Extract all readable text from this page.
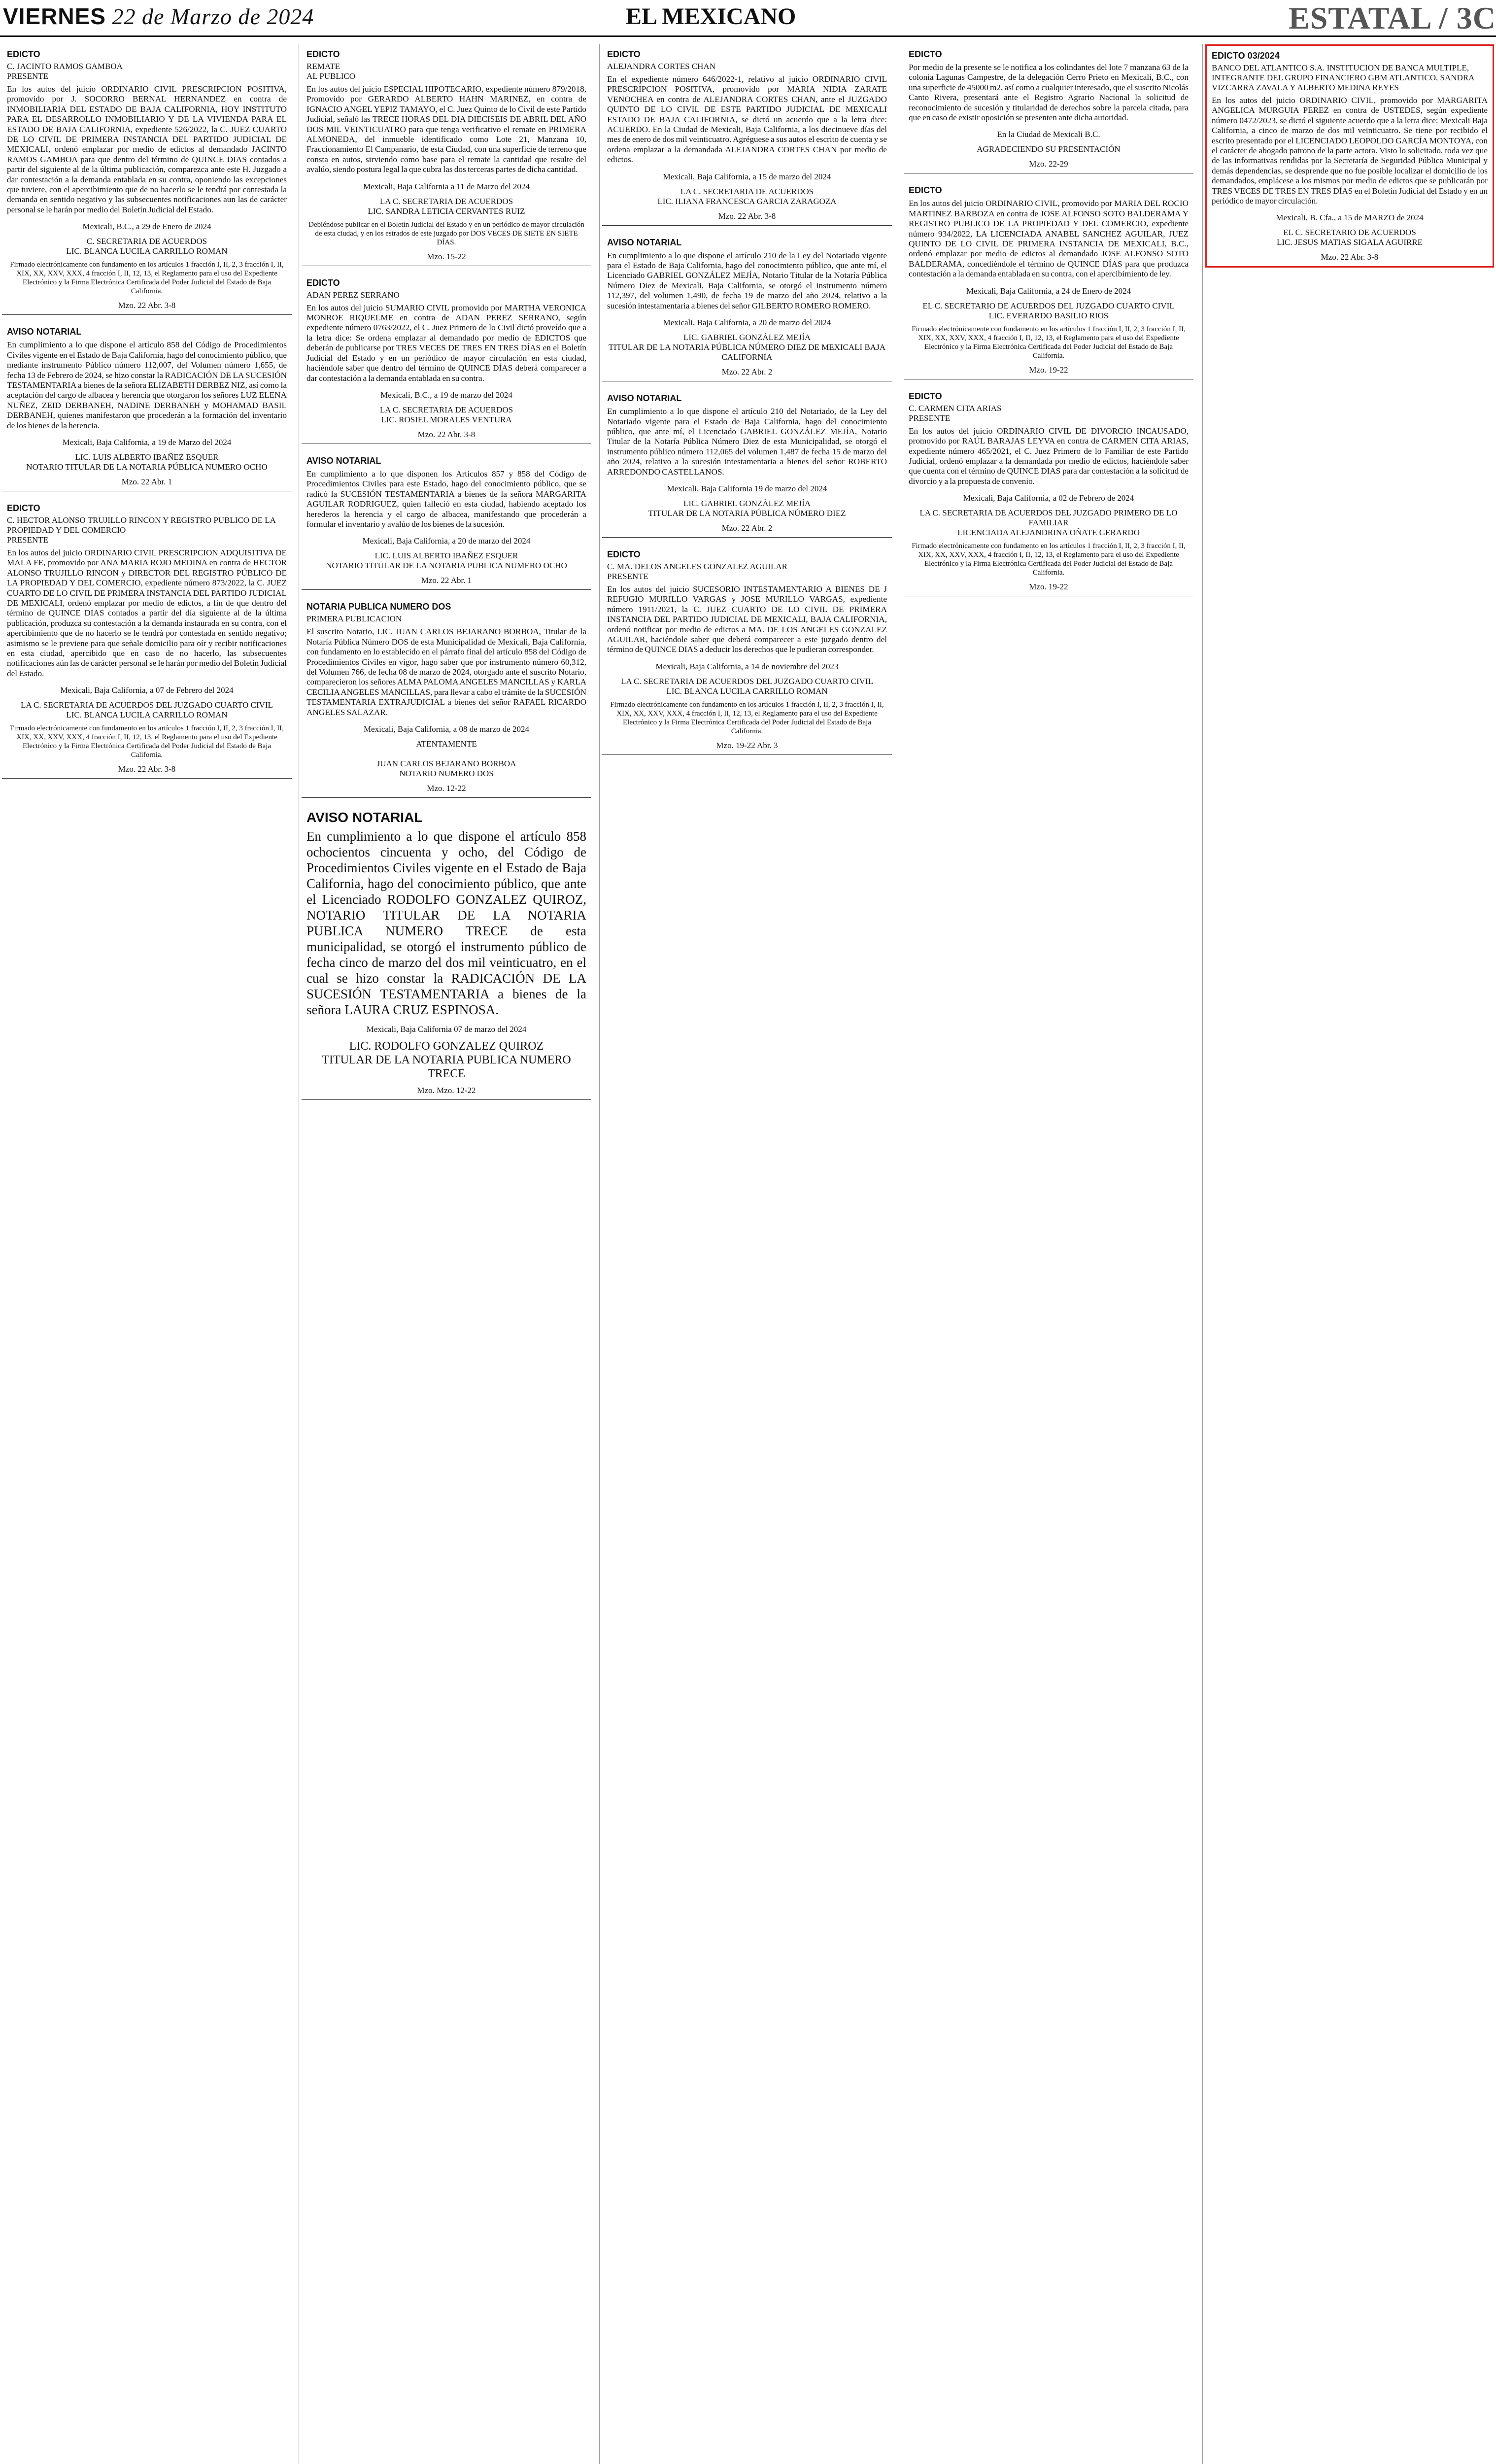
VIERNES 22 de Marzo de 2024	EL MEXICANO	ESTATAL / 3C
EDICTO
C. JACINTO RAMOS GAMBOA
PRESENTE
En los autos del juicio ORDINARIO CIVIL PRESCRIPCION POSITIVA, promovido por J. SOCORRO BERNAL HERNANDEZ en contra de INMOBILIARIA DEL ESTADO DE BAJA CALIFORNIA, HOY INSTITUTO PARA EL DESARROLLO INMOBILIARIO Y DE LA VIVIENDA PARA EL ESTADO DE BAJA CALIFORNIA, expediente 526/2022, la C. JUEZ CUARTO DE LO CIVIL DE PRIMERA INSTANCIA DEL PARTIDO JUDICIAL DE MEXICALI, ordenó emplazar por medio de edictos al demandado JACINTO RAMOS GAMBOA para que dentro del término de QUINCE DIAS contados a partir del siguiente al de la última publicación, comparezca ante este H. Juzgado a dar contestación a la demanda entablada en su contra, oponiendo las excepciones que tuviere, con el apercibimiento que de no hacerlo se le tendrá por contestada la demanda en sentido negativo y las subsecuentes notificaciones aun las de carácter personal se le harán por medio del Boletín Judicial del Estado.
Mexicali, B.C., a 29 de Enero de 2024
C. SECRETARIA DE ACUERDOS
LIC. BLANCA LUCILA CARRILLO ROMAN
Firmado electrónicamente con fundamento en los artículos 1 fracción I, II, 2, 3 fracción I, II, XIX, XX, XXV, XXX, 4 fracción I, II, 12, 13, el Reglamento para el uso del Expediente Electrónico y la Firma Electrónica Certificada del Poder Judicial del Estado de Baja California.
Mzo. 22 Abr. 3-8
AVISO NOTARIAL
En cumplimiento a lo que dispone el artículo 858 del Código de Procedimientos Civiles vigente en el Estado de Baja California, hago del conocimiento público, que mediante instrumento Público número 112,007, del Volumen número 1,655, de fecha 13 de Febrero de 2024, se hizo constar la RADICACIÓN DE LA SUCESIÓN TESTAMENTARIA a bienes de la señora ELIZABETH DERBEZ NIZ, así como la aceptación del cargo de albacea y herencia que otorgaron los señores LUZ ELENA NUÑEZ, ZEID DERBANEH, NADINE DERBANEH y MOHAMAD BASIL DERBANEH, quienes manifestaron que procederán a la formación del inventario de los bienes de la herencia.
Mexicali, Baja California, a 19 de Marzo del 2024
LIC. LUIS ALBERTO IBAÑEZ ESQUER
NOTARIO TITULAR DE LA NOTARIA PÚBLICA NUMERO OCHO
Mzo. 22 Abr. 1
EDICTO
C. HECTOR ALONSO TRUJILLO RINCON Y REGISTRO PUBLICO DE LA PROPIEDAD Y DEL COMERCIO
PRESENTE
En los autos del juicio ORDINARIO CIVIL PRESCRIPCION ADQUISITIVA DE MALA FE, promovido por ANA MARIA ROJO MEDINA en contra de HECTOR ALONSO TRUJILLO RINCON y DIRECTOR DEL REGISTRO PÚBLICO DE LA PROPIEDAD Y DEL COMERCIO, expediente número 873/2022, la C. JUEZ CUARTO DE LO CIVIL DE PRIMERA INSTANCIA DEL PARTIDO JUDICIAL DE MEXICALI, ordenó emplazar por medio de edictos, a fin de que dentro del término de QUINCE DIAS contados a partir del día siguiente al de la última publicación, produzca su contestación a la demanda instaurada en su contra, con el apercibimiento que de no hacerlo se le tendrá por contestada en sentido negativo; asimismo se le previene para que señale domicilio para oír y recibir notificaciones en esta ciudad, apercibido que en caso de no hacerlo, las subsecuentes notificaciones aún las de carácter personal se le harán por medio del Boletín Judicial del Estado.
Mexicali, Baja California, a 07 de Febrero del 2024
LA C. SECRETARIA DE ACUERDOS DEL JUZGADO CUARTO CIVIL
LIC. BLANCA LUCILA CARRILLO ROMAN
Firmado electrónicamente con fundamento en los artículos 1 fracción I, II, 2, 3 fracción I, II, XIX, XX, XXV, XXX, 4 fracción I, II, 12, 13, el Reglamento para el uso del Expediente Electrónico y la Firma Electrónica Certificada del Poder Judicial del Estado de Baja California.
Mzo. 22 Abr. 3-8
EDICTO
REMATE
AL PUBLICO
En los autos del juicio ESPECIAL HIPOTECARIO, expediente número 879/2018, Promovido por GERARDO ALBERTO HAHN MARINEZ, en contra de IGNACIO ANGEL YEPIZ TAMAYO, el C. Juez Quinto de lo Civil de este Partido Judicial, señaló las TRECE HORAS DEL DIA DIECISEIS DE ABRIL DEL AÑO DOS MIL VEINTICUATRO para que tenga verificativo el remate en PRIMERA ALMONEDA, del inmueble identificado como Lote 21, Manzana 10, Fraccionamiento El Campanario, de esta Ciudad, con una superficie de terreno que consta en autos, sirviendo como base para el remate la cantidad que resulte del avalúo, siendo postura legal la que cubra las dos terceras partes de dicha cantidad.
Mexicali, Baja California a 11 de Marzo del 2024
LA C. SECRETARIA DE ACUERDOS
LIC. SANDRA LETICIA CERVANTES RUIZ
Debiéndose publicar en el Boletín Judicial del Estado y en un periódico de mayor circulación de esta ciudad, y en los estrados de este juzgado por DOS VECES DE SIETE EN SIETE DÍAS.
Mzo. 15-22
EDICTO
ADAN PEREZ SERRANO
En los autos del juicio SUMARIO CIVIL promovido por MARTHA VERONICA MONROE RIQUELME en contra de ADAN PEREZ SERRANO, según expediente número 0763/2022, el C. Juez Primero de lo Civil dictó proveído que a la letra dice: Se ordena emplazar al demandado por medio de EDICTOS que deberán de publicarse por TRES VECES DE TRES EN TRES DÍAS en el Boletín Judicial del Estado y en un periódico de mayor circulación en esta ciudad, haciéndole saber que dentro del término de QUINCE DÍAS deberá comparecer a dar contestación a la demanda entablada en su contra.
Mexicali, B.C., a 19 de marzo del 2024
LA C. SECRETARIA DE ACUERDOS
LIC. ROSIEL MORALES VENTURA
Mzo. 22 Abr. 3-8
AVISO NOTARIAL
En cumplimiento a lo que disponen los Artículos 857 y 858 del Código de Procedimientos Civiles para este Estado, hago del conocimiento público, que se radicó la SUCESIÓN TESTAMENTARIA a bienes de la señora MARGARITA AGUILAR RODRIGUEZ, quien falleció en esta ciudad, habiendo aceptado los herederos la herencia y el cargo de albacea, manifestando que procederán a formular el inventario y avalúo de los bienes de la sucesión.
Mexicali, Baja California, a 20 de marzo del 2024
LIC. LUIS ALBERTO IBAÑEZ ESQUER
NOTARIO TITULAR DE LA NOTARIA PUBLICA NUMERO OCHO
Mzo. 22 Abr. 1
NOTARIA PUBLICA NUMERO DOS
PRIMERA PUBLICACION
El suscrito Notario, LIC. JUAN CARLOS BEJARANO BORBOA, Titular de la Notaría Pública Número DOS de esta Municipalidad de Mexicali, Baja California, con fundamento en lo establecido en el párrafo final del artículo 858 del Código de Procedimientos Civiles en vigor, hago saber que por instrumento número 60,312, del Volumen 766, de fecha 08 de marzo de 2024, otorgado ante el suscrito Notario, comparecieron los señores ALMA PALOMA ANGELES MANCILLAS y KARLA CECILIA ANGELES MANCILLAS, para llevar a cabo el trámite de la SUCESIÓN TESTAMENTARIA EXTRAJUDICIAL a bienes del señor RAFAEL RICARDO ANGELES SALAZAR.
Mexicali, Baja California, a 08 de marzo de 2024
ATENTAMENTE

JUAN CARLOS BEJARANO BORBOA
NOTARIO NUMERO DOS
Mzo. 12-22
AVISO NOTARIAL
En cumplimiento a lo que dispone el artículo 858 ochocientos cincuenta y ocho, del Código de Procedimientos Civiles vigente en el Estado de Baja California, hago del conocimiento público, que ante el Licenciado RODOLFO GONZALEZ QUIROZ, NOTARIO TITULAR DE LA NOTARIA PUBLICA NUMERO TRECE de esta municipalidad, se otorgó el instrumento público de fecha cinco de marzo del dos mil veinticuatro, en el cual se hizo constar la RADICACIÓN DE LA SUCESIÓN TESTAMENTARIA a bienes de la señora LAURA CRUZ ESPINOSA.
Mexicali, Baja California 07 de marzo del 2024
LIC. RODOLFO GONZALEZ QUIROZ
TITULAR DE LA NOTARIA PUBLICA NUMERO TRECE
Mzo. Mzo. 12-22
EDICTO
ALEJANDRA CORTES CHAN
En el expediente número 646/2022-1, relativo al juicio ORDINARIO CIVIL PRESCRIPCION POSITIVA, promovido por MARIA NIDIA ZARATE VENOCHEA en contra de ALEJANDRA CORTES CHAN, ante el JUZGADO QUINTO DE LO CIVIL DE ESTE PARTIDO JUDICIAL DE MEXICALI ESTADO DE BAJA CALIFORNIA, se dictó un acuerdo que a la letra dice: ACUERDO. En la Ciudad de Mexicali, Baja California, a los diecinueve días del mes de enero de dos mil veinticuatro. Agréguese a sus autos el escrito de cuenta y se ordena emplazar a la demandada ALEJANDRA CORTES CHAN por medio de edictos.
Mexicali, Baja California, a 15 de marzo del 2024
LA C. SECRETARIA DE ACUERDOS
LIC. ILIANA FRANCESCA GARCIA ZARAGOZA
Mzo. 22 Abr. 3-8
AVISO NOTARIAL
En cumplimiento a lo que dispone el artículo 210 de la Ley del Notariado vigente para el Estado de Baja California, hago del conocimiento público, que ante mí, el Licenciado GABRIEL GONZÁLEZ MEJÍA, Notario Titular de la Notaría Pública Número Diez de Mexicali, Baja California, se otorgó el instrumento número 112,397, del volumen 1,490, de fecha 19 de marzo del año 2024, relativo a la sucesión intestamentaria a bienes del señor GILBERTO ROMERO ROMERO.
Mexicali, Baja California, a 20 de marzo del 2024
LIC. GABRIEL GONZÁLEZ MEJÍA
TITULAR DE LA NOTARIA PÚBLICA NÚMERO DIEZ DE MEXICALI BAJA CALIFORNIA
Mzo. 22 Abr. 2
AVISO NOTARIAL
En cumplimiento a lo que dispone el artículo 210 del Notariado, de la Ley del Notariado vigente para el Estado de Baja California, hago del conocimiento público, que ante mí, el Licenciado GABRIEL GONZÁLEZ MEJÍA, Notario Titular de la Notaría Pública Número Diez de esta Municipalidad, se otorgó el instrumento público número 112,065 del volumen 1,487 de fecha 15 de marzo del año 2024, relativo a la sucesión intestamentaria a bienes del señor ROBERTO ARREDONDO CASTELLANOS.
Mexicali, Baja California 19 de marzo del 2024
LIC. GABRIEL GONZÁLEZ MEJÍA
TITULAR DE LA NOTARIA PÚBLICA NÚMERO DIEZ
Mzo. 22 Abr. 2
EDICTO
C. MA. DELOS ANGELES GONZALEZ AGUILAR
PRESENTE
En los autos del juicio SUCESORIO INTESTAMENTARIO A BIENES DE J REFUGIO MURILLO VARGAS y JOSE MURILLO VARGAS, expediente número 1911/2021, la C. JUEZ CUARTO DE LO CIVIL DE PRIMERA INSTANCIA DEL PARTIDO JUDICIAL DE MEXICALI, BAJA CALIFORNIA, ordenó notificar por medio de edictos a MA. DE LOS ANGELES GONZALEZ AGUILAR, haciéndole saber que deberá comparecer a este juzgado dentro del término de QUINCE DIAS a deducir los derechos que le pudieran corresponder.
Mexicali, Baja California, a 14 de noviembre del 2023
LA C. SECRETARIA DE ACUERDOS DEL JUZGADO CUARTO CIVIL
LIC. BLANCA LUCILA CARRILLO ROMAN
Firmado electrónicamente con fundamento en los artículos 1 fracción I, II, 2, 3 fracción I, II, XIX, XX, XXV, XXX, 4 fracción I, II, 12, 13, el Reglamento para el uso del Expediente Electrónico y la Firma Electrónica Certificada del Poder Judicial del Estado de Baja California.
Mzo. 19-22 Abr. 3
EDICTO
Por medio de la presente se le notifica a los colindantes del lote 7 manzana 63 de la colonia Lagunas Campestre, de la delegación Cerro Prieto en Mexicali, B.C., con una superficie de 45000 m2, así como a cualquier interesado, que el suscrito Nicolás Canto Rivera, presentará ante el Registro Agrario Nacional la solicitud de reconocimiento de sucesión y titularidad de derechos sobre la parcela citada, para que en caso de existir oposición se presenten ante dicha autoridad.
En la Ciudad de Mexicali B.C.
AGRADECIENDO SU PRESENTACIÓN
Mzo. 22-29
EDICTO
En los autos del juicio ORDINARIO CIVIL, promovido por MARIA DEL ROCIO MARTINEZ BARBOZA en contra de JOSE ALFONSO SOTO BALDERAMA Y REGISTRO PUBLICO DE LA PROPIEDAD Y DEL COMERCIO, expediente número 934/2022, LA LICENCIADA ANABEL SANCHEZ AGUILAR, JUEZ QUINTO DE LO CIVIL DE PRIMERA INSTANCIA DE MEXICALI, B.C., ordenó emplazar por medio de edictos al demandado JOSE ALFONSO SOTO BALDERAMA, concediéndole el término de QUINCE DÍAS para que produzca contestación a la demanda entablada en su contra, con el apercibimiento de ley.
Mexicali, Baja California, a 24 de Enero de 2024
EL C. SECRETARIO DE ACUERDOS DEL JUZGADO CUARTO CIVIL
LIC. EVERARDO BASILIO RIOS
Firmado electrónicamente con fundamento en los artículos 1 fracción I, II, 2, 3 fracción I, II, XIX, XX, XXV, XXX, 4 fracción I, II, 12, 13, el Reglamento para el uso del Expediente Electrónico y la Firma Electrónica Certificada del Poder Judicial del Estado de Baja California.
Mzo. 19-22
EDICTO
C. CARMEN CITA ARIAS
PRESENTE
En los autos del juicio ORDINARIO CIVIL DE DIVORCIO INCAUSADO, promovido por RAÚL BARAJAS LEYVA en contra de CARMEN CITA ARIAS, expediente número 465/2021, el C. Juez Primero de lo Familiar de este Partido Judicial, ordenó emplazar a la demandada por medio de edictos, haciéndole saber que cuenta con el término de QUINCE DIAS para dar contestación a la solicitud de divorcio y a la propuesta de convenio.
Mexicali, Baja California, a 02 de Febrero de 2024
LA C. SECRETARIA DE ACUERDOS DEL JUZGADO PRIMERO DE LO FAMILIAR
LICENCIADA ALEJANDRINA OÑATE GERARDO
Firmado electrónicamente con fundamento en los artículos 1 fracción I, II, 2, 3 fracción I, II, XIX, XX, XXV, XXX, 4 fracción I, II, 12, 13, el Reglamento para el uso del Expediente Electrónico y la Firma Electrónica Certificada del Poder Judicial del Estado de Baja California.
Mzo. 19-22
EDICTO 03/2024
BANCO DEL ATLANTICO S.A. INSTITUCION DE BANCA MULTIPLE, INTEGRANTE DEL GRUPO FINANCIERO GBM ATLANTICO, SANDRA VIZCARRA ZAVALA Y ALBERTO MEDINA REYES
En los autos del juicio ORDINARIO CIVIL, promovido por MARGARITA ANGELICA MURGUIA PEREZ en contra de USTEDES, según expediente número 0472/2023, se dictó el siguiente acuerdo que a la letra dice: Mexicali Baja California, a cinco de marzo de dos mil veinticuatro. Se tiene por recibido el escrito presentado por el LICENCIADO LEOPOLDO GARCÍA MONTOYA, con el carácter de abogado patrono de la parte actora. Visto lo solicitado, toda vez que de las informativas rendidas por la Secretaría de Seguridad Pública Municipal y demás dependencias, se desprende que no fue posible localizar el domicilio de los demandados, emplácese a los mismos por medio de edictos que se publicarán por TRES VECES DE TRES EN TRES DÍAS en el Boletín Judicial del Estado y en un periódico de mayor circulación.
Mexicali, B. Cfa., a 15 de MARZO de 2024
EL C. SECRETARIO DE ACUERDOS
LIC. JESUS MATIAS SIGALA AGUIRRE
Mzo. 22 Abr. 3-8
